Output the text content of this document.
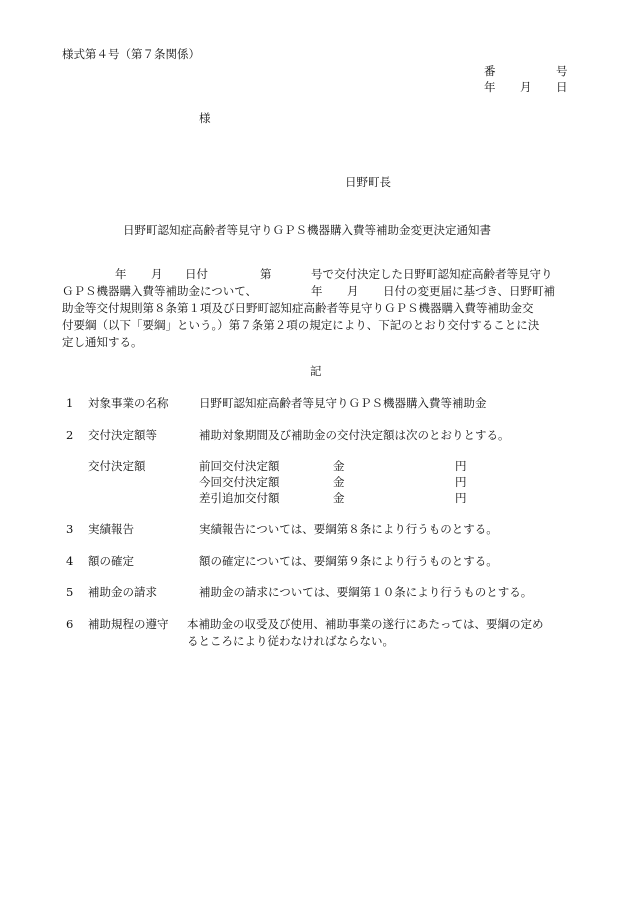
様式第４号（第７条関係）
番	号
年 月 日
様
日野町長
日野町認知症高齢者等見守りＧＰＳ機器購入費等補助金変更決定通知書
年 月 日付	第	号で交付決定した日野町認知症高齢者等見守り
ＧＰＳ機器購入費等補助金について、	年 月 日付の変更届に基づき、日野町補
助金等交付規則第８条第１項及び日野町認知症高齢者等見守りＧＰＳ機器購入費等補助金交
付要綱（以下「要綱」という。）第７条第２項の規定により、下記のとおり交付することに決
定し通知する。
記
1 対象事業の名称	日野町認知症高齢者等見守りＧＰＳ機器購入費等補助金
2 交付決定額等	補助対象期間及び補助金の交付決定額は次のとおりとする。
交付決定額	前回交付決定額	金	円
今回交付決定額	金	円
差引追加交付額	金	円
3 実績報告	実績報告については、要綱第８条により行うものとする。
4 額の確定	額の確定については、要綱第９条により行うものとする。
5 補助金の請求	補助金の請求については、要綱第１０条により行うものとする。
6 補助規程の遵守 本補助金の収受及び使用、補助事業の遂行にあたっては、要綱の定め
るところにより従わなければならない。
